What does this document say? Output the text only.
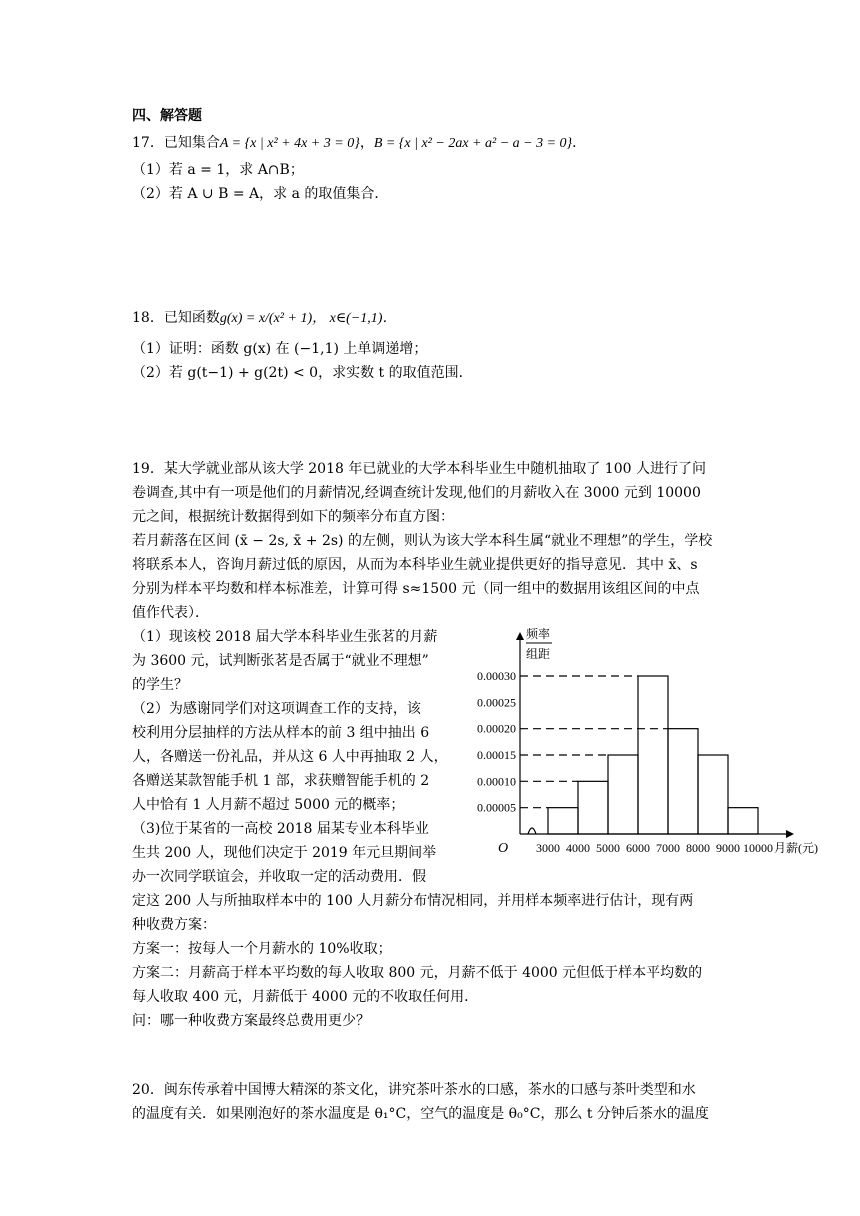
四、解答题
17．已知集合A = {x | x² + 4x + 3 = 0}，B = {x | x² − 2ax + a² − a − 3 = 0}．
（1）若 a = 1，求 A∩B；
（2）若 A ∪ B = A，求 a 的取值集合．
18．已知函数g(x) = x/(x² + 1)， x∈(−1,1)．
（1）证明：函数 g(x) 在 (−1,1) 上单调递增；
（2）若 g(t−1) + g(2t) < 0，求实数 t 的取值范围．
19．某大学就业部从该大学 2018 年已就业的大学本科毕业生中随机抽取了 100 人进行了问
卷调查,其中有一项是他们的月薪情况,经调查统计发现,他们的月薪收入在 3000 元到 10000
元之间，根据统计数据得到如下的频率分布直方图：
若月薪落在区间 (x̄ − 2s, x̄ + 2s) 的左侧，则认为该大学本科生属“就业不理想”的学生，学校
将联系本人，咨询月薪过低的原因，从而为本科毕业生就业提供更好的指导意见．其中 x̄、s
分别为样本平均数和样本标准差，计算可得 s≈1500 元（同一组中的数据用该组区间的中点
值作代表）．
（1）现该校 2018 届大学本科毕业生张茗的月薪
为 3600 元，试判断张茗是否属于“就业不理想”
的学生？
（2）为感谢同学们对这项调查工作的支持，该
校利用分层抽样的方法从样本的前 3 组中抽出 6
人，各赠送一份礼品，并从这 6 人中再抽取 2 人，
各赠送某款智能手机 1 部，求获赠智能手机的 2
人中恰有 1 人月薪不超过 5000 元的概率；
（3)位于某省的一高校 2018 届某专业本科毕业
生共 200 人，现他们决定于 2019 年元旦期间举
办一次同学联谊会，并收取一定的活动费用．假
定这 200 人与所抽取样本中的 100 人月薪分布情况相同，并用样本频率进行估计，现有两
种收费方案：
方案一：按每人一个月薪水的 10%收取；
方案二：月薪高于样本平均数的每人收取 800 元，月薪不低于 4000 元但低于样本平均数的
每人收取 400 元，月薪低于 4000 元的不收取任何用．
问：哪一种收费方案最终总费用更少？
0.00005
0.00010
0.00015
0.00020
0.00025
0.00030
3000 4000 5000 6000 7000 8000 9000 10000
频率
组距
O	月薪(元)
20．闽东传承着中国博大精深的茶文化，讲究茶叶茶水的口感，茶水的口感与茶叶类型和水
的温度有关．如果刚泡好的茶水温度是 θ₁°C，空气的温度是 θ₀°C，那么 t 分钟后茶水的温度
